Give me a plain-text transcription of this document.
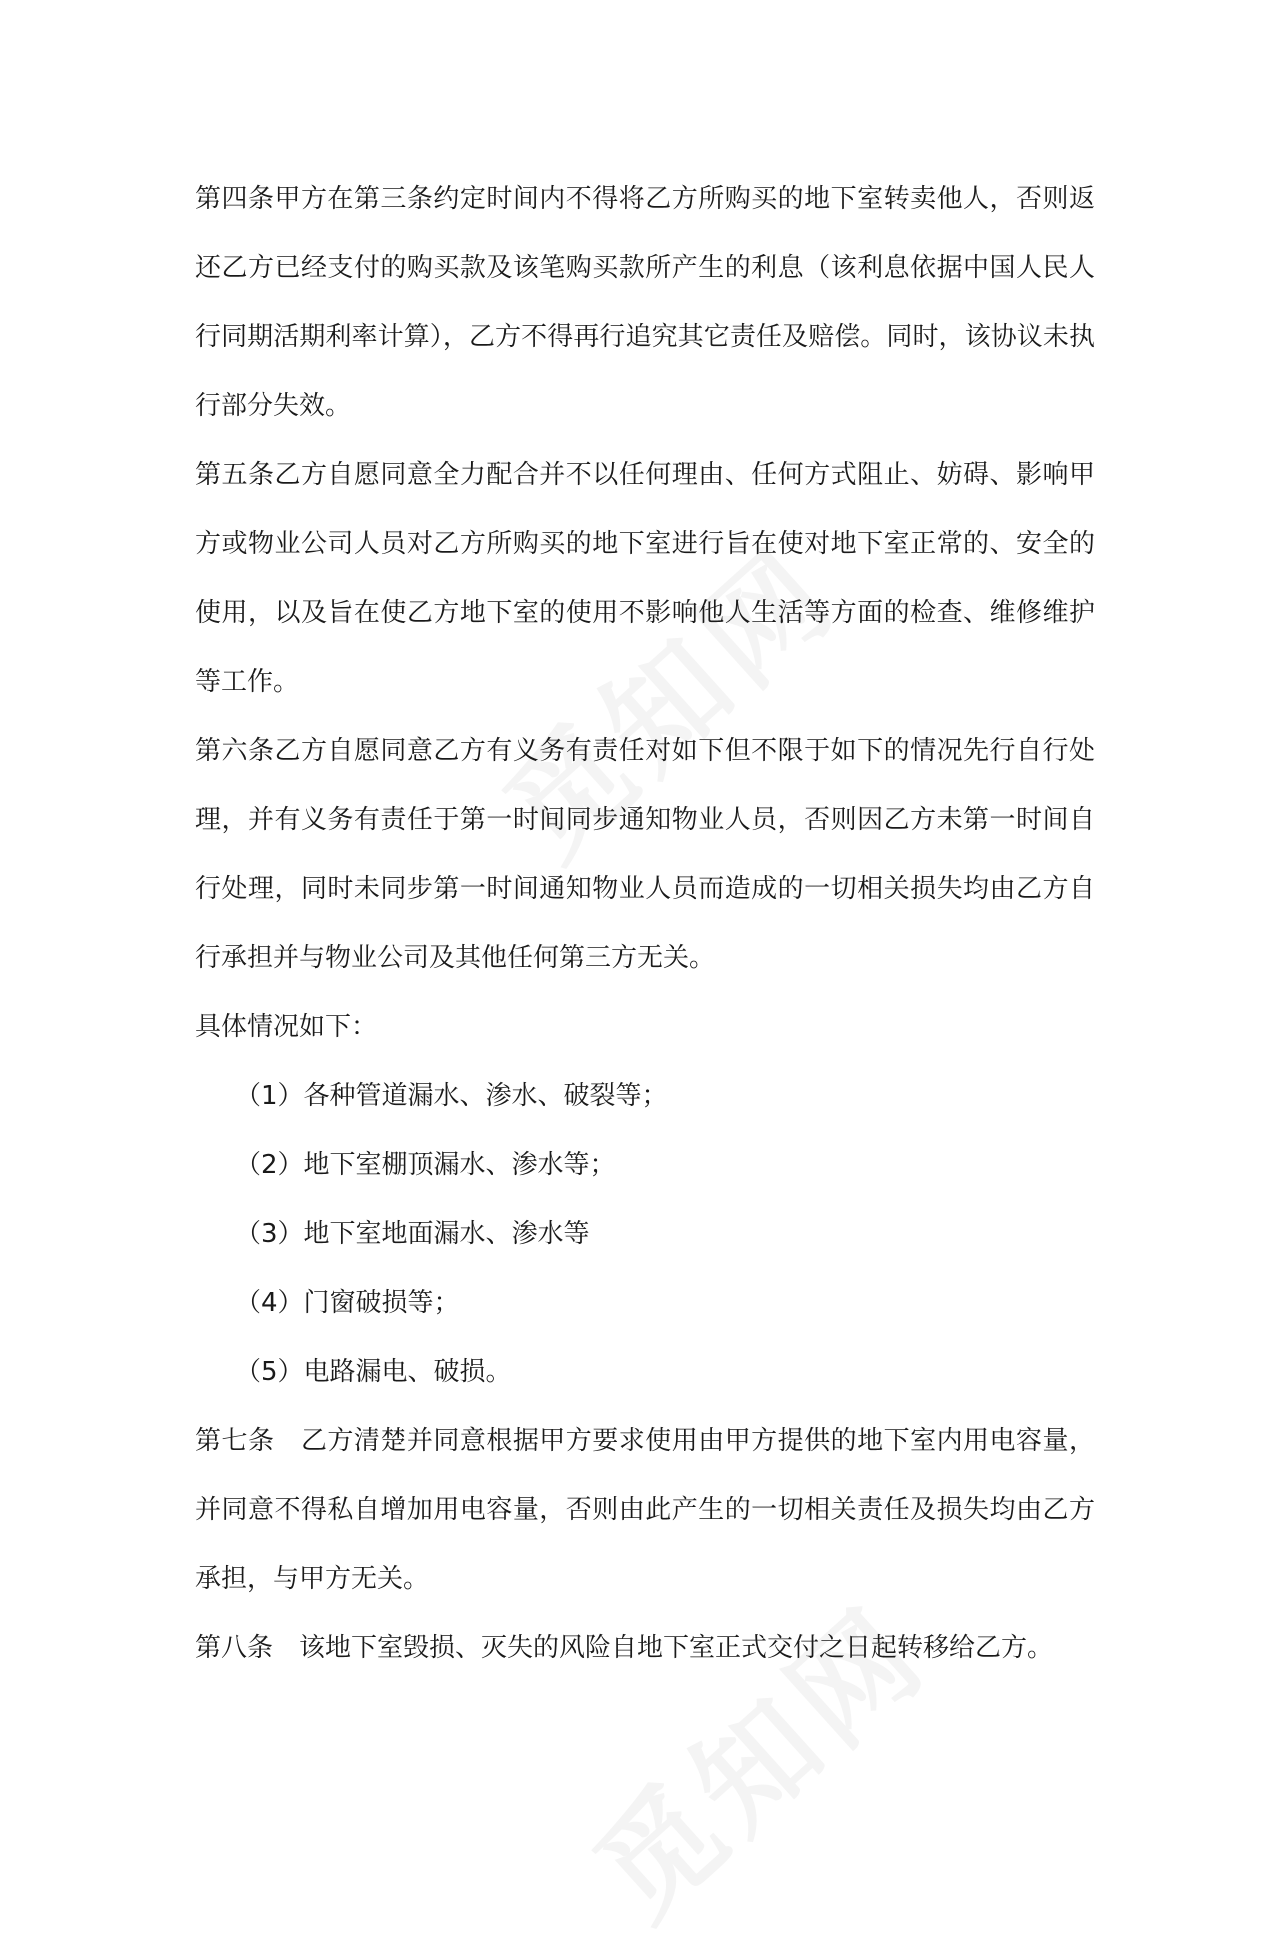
第四条甲方在第三条约定时间内不得将乙方所购买的地下室转卖他人，否则返还乙方已经支付的购买款及该笔购买款所产生的利息（该利息依据中国人民人行同期活期利率计算），乙方不得再行追究其它责任及赔偿。同时，该协议未执行部分失效。

第五条乙方自愿同意全力配合并不以任何理由、任何方式阻止、妨碍、影响甲方或物业公司人员对乙方所购买的地下室进行旨在使对地下室正常的、安全的使用，以及旨在使乙方地下室的使用不影响他人生活等方面的检查、维修维护等工作。

第六条乙方自愿同意乙方有义务有责任对如下但不限于如下的情况先行自行处理，并有义务有责任于第一时间同步通知物业人员，否则因乙方未第一时间自行处理，同时未同步第一时间通知物业人员而造成的一切相关损失均由乙方自行承担并与物业公司及其他任何第三方无关。

具体情况如下：

（1）各种管道漏水、渗水、破裂等；
（2）地下室棚顶漏水、渗水等；
（3）地下室地面漏水、渗水等
（4）门窗破损等；
（5）电路漏电、破损。

第七条　乙方清楚并同意根据甲方要求使用由甲方提供的地下室内用电容量，并同意不得私自增加用电容量，否则由此产生的一切相关责任及损失均由乙方承担，与甲方无关。

第八条　该地下室毁损、灭失的风险自地下室正式交付之日起转移给乙方。
